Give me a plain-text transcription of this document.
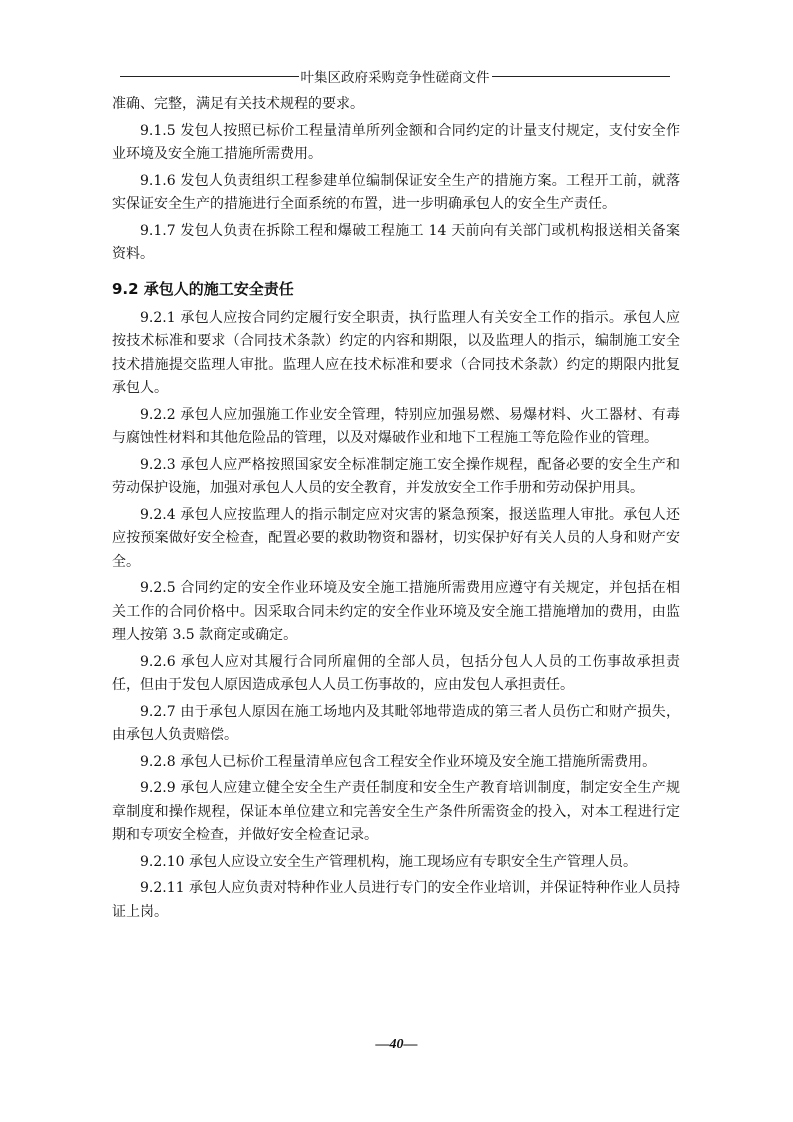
叶集区政府采购竞争性磋商文件

准确、完整，满足有关技术规程的要求。

9.1.5 发包人按照已标价工程量清单所列金额和合同约定的计量支付规定，支付安全作业环境及安全施工措施所需费用。

9.1.6 发包人负责组织工程参建单位编制保证安全生产的措施方案。工程开工前，就落实保证安全生产的措施进行全面系统的布置，进一步明确承包人的安全生产责任。

9.1.7 发包人负责在拆除工程和爆破工程施工 14 天前向有关部门或机构报送相关备案资料。

9.2 承包人的施工安全责任

9.2.1 承包人应按合同约定履行安全职责，执行监理人有关安全工作的指示。承包人应按技术标准和要求（合同技术条款）约定的内容和期限，以及监理人的指示，编制施工安全技术措施提交监理人审批。监理人应在技术标准和要求（合同技术条款）约定的期限内批复承包人。

9.2.2 承包人应加强施工作业安全管理，特别应加强易燃、易爆材料、火工器材、有毒与腐蚀性材料和其他危险品的管理，以及对爆破作业和地下工程施工等危险作业的管理。

9.2.3 承包人应严格按照国家安全标准制定施工安全操作规程，配备必要的安全生产和劳动保护设施，加强对承包人人员的安全教育，并发放安全工作手册和劳动保护用具。

9.2.4 承包人应按监理人的指示制定应对灾害的紧急预案，报送监理人审批。承包人还应按预案做好安全检查，配置必要的救助物资和器材，切实保护好有关人员的人身和财产安全。

9.2.5 合同约定的安全作业环境及安全施工措施所需费用应遵守有关规定，并包括在相关工作的合同价格中。因采取合同未约定的安全作业环境及安全施工措施增加的费用，由监理人按第 3.5 款商定或确定。

9.2.6 承包人应对其履行合同所雇佣的全部人员，包括分包人人员的工伤事故承担责任，但由于发包人原因造成承包人人员工伤事故的，应由发包人承担责任。

9.2.7 由于承包人原因在施工场地内及其毗邻地带造成的第三者人员伤亡和财产损失，由承包人负责赔偿。

9.2.8 承包人已标价工程量清单应包含工程安全作业环境及安全施工措施所需费用。

9.2.9 承包人应建立健全安全生产责任制度和安全生产教育培训制度，制定安全生产规章制度和操作规程，保证本单位建立和完善安全生产条件所需资金的投入，对本工程进行定期和专项安全检查，并做好安全检查记录。

9.2.10 承包人应设立安全生产管理机构，施工现场应有专职安全生产管理人员。

9.2.11 承包人应负责对特种作业人员进行专门的安全作业培训，并保证特种作业人员持证上岗。

—40—
